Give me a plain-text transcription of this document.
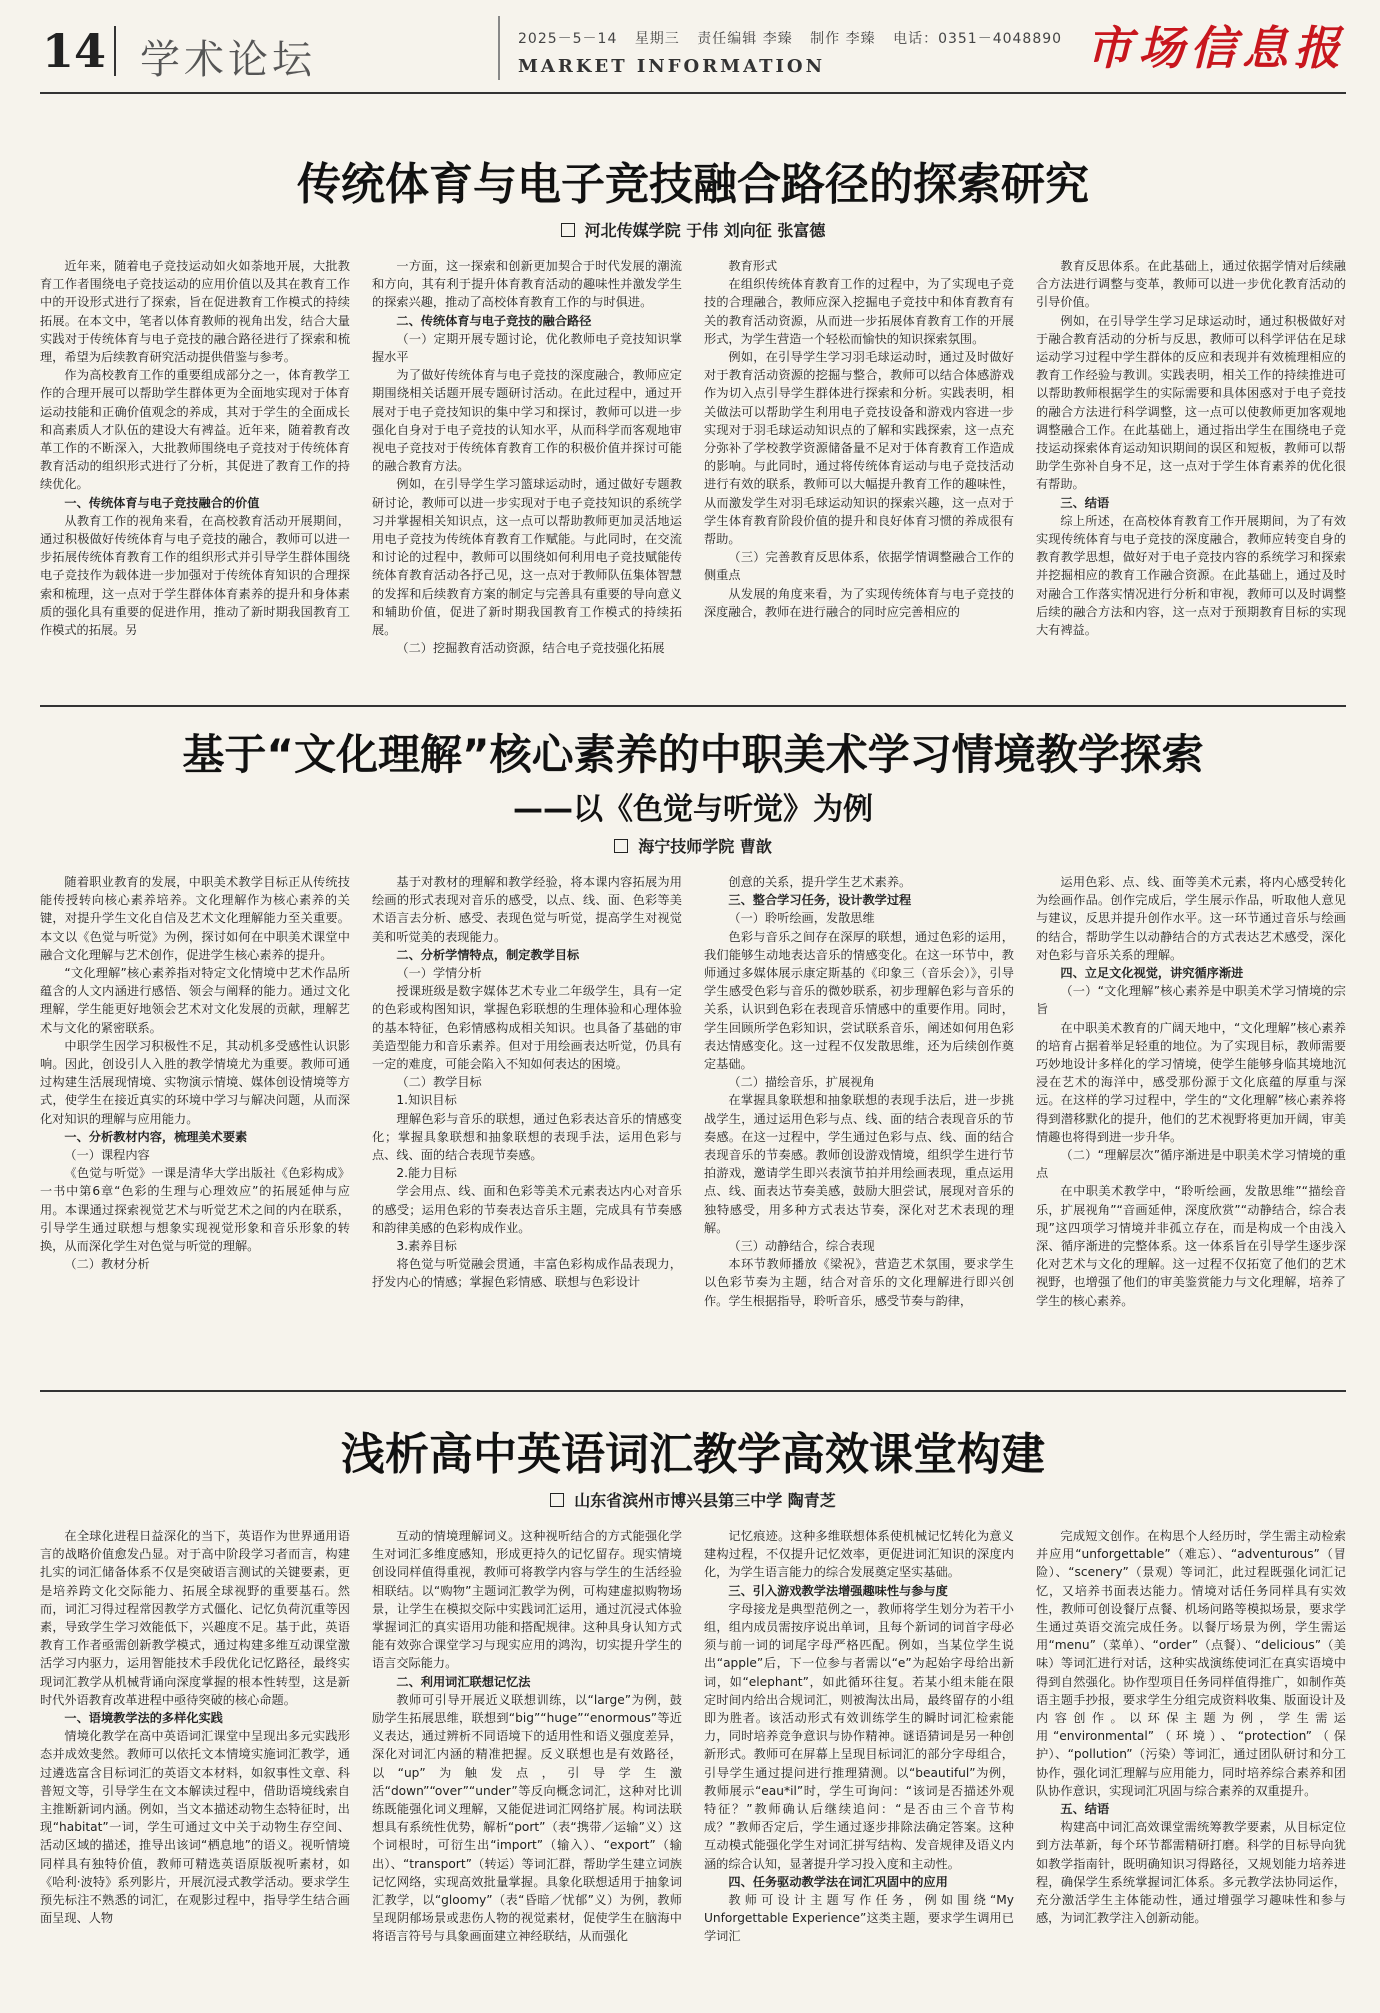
14 学术论坛	2025－5－14 星期三 责任编辑 李臻 制作 李臻 电话：0351－4048890
MARKET INFORMATION	市场信息报
传统体育与电子竞技融合路径的探索研究
河北传媒学院 于伟 刘向征 张富德

近年来，随着电子竞技运动如火如荼地开展，大批教育工作者围绕电子竞技运动的应用价值以及其在教育工作中的开设形式进行了探索，旨在促进教育工作模式的持续拓展。在本文中，笔者以体育教师的视角出发，结合大量实践对于传统体育与电子竞技的融合路径进行了探索和梳理，希望为后续教育研究活动提供借鉴与参考。

作为高校教育工作的重要组成部分之一，体育教学工作的合理开展可以帮助学生群体更为全面地实现对于体育运动技能和正确价值观念的养成，其对于学生的全面成长和高素质人才队伍的建设大有裨益。近年来，随着教育改革工作的不断深入，大批教师围绕电子竞技对于传统体育教育活动的组织形式进行了分析，其促进了教育工作的持续优化。

一、传统体育与电子竞技融合的价值

从教育工作的视角来看，在高校教育活动开展期间，通过积极做好传统体育与电子竞技的融合，教师可以进一步拓展传统体育教育工作的组织形式并引导学生群体围绕电子竞技作为载体进一步加强对于传统体育知识的合理探索和梳理，这一点对于学生群体体育素养的提升和身体素质的强化具有重要的促进作用，推动了新时期我国教育工作模式的拓展。另

一方面，这一探索和创新更加契合于时代发展的潮流和方向，其有利于提升体育教育活动的趣味性并激发学生的探索兴趣，推动了高校体育教育工作的与时俱进。

二、传统体育与电子竞技的融合路径

（一）定期开展专题讨论，优化教师电子竞技知识掌握水平

为了做好传统体育与电子竞技的深度融合，教师应定期围绕相关话题开展专题研讨活动。在此过程中，通过开展对于电子竞技知识的集中学习和探讨，教师可以进一步强化自身对于电子竞技的认知水平，从而科学而客观地审视电子竞技对于传统体育教育工作的积极价值并探讨可能的融合教育方法。

例如，在引导学生学习篮球运动时，通过做好专题教研讨论，教师可以进一步实现对于电子竞技知识的系统学习并掌握相关知识点，这一点可以帮助教师更加灵活地运用电子竞技为传统体育教育工作赋能。与此同时，在交流和讨论的过程中，教师可以围绕如何利用电子竞技赋能传统体育教育活动各抒己见，这一点对于教师队伍集体智慧的发挥和后续教育方案的制定与完善具有重要的导向意义和辅助价值，促进了新时期我国教育工作模式的持续拓展。

（二）挖掘教育活动资源，结合电子竞技强化拓展

教育形式

在组织传统体育教育工作的过程中，为了实现电子竞技的合理融合，教师应深入挖掘电子竞技中和体育教育有关的教育活动资源，从而进一步拓展体育教育工作的开展形式，为学生营造一个轻松而愉快的知识探索氛围。

例如，在引导学生学习羽毛球运动时，通过及时做好对于教育活动资源的挖掘与整合，教师可以结合体感游戏作为切入点引导学生群体进行探索和分析。实践表明，相关做法可以帮助学生利用电子竞技设备和游戏内容进一步实现对于羽毛球运动知识点的了解和实践探索，这一点充分弥补了学校教学资源储备量不足对于体育教育工作造成的影响。与此同时，通过将传统体育运动与电子竞技活动进行有效的联系，教师可以大幅提升教育工作的趣味性，从而激发学生对羽毛球运动知识的探索兴趣，这一点对于学生体育教育阶段价值的提升和良好体育习惯的养成很有帮助。

（三）完善教育反思体系，依据学情调整融合工作的侧重点

从发展的角度来看，为了实现传统体育与电子竞技的深度融合，教师在进行融合的同时应完善相应的

教育反思体系。在此基础上，通过依据学情对后续融合方法进行调整与变革，教师可以进一步优化教育活动的引导价值。

例如，在引导学生学习足球运动时，通过积极做好对于融合教育活动的分析与反思，教师可以科学评估在足球运动学习过程中学生群体的反应和表现并有效梳理相应的教育工作经验与教训。实践表明，相关工作的持续推进可以帮助教师根据学生的实际需要和具体困惑对于电子竞技的融合方法进行科学调整，这一点可以使教师更加客观地调整融合工作。在此基础上，通过指出学生在围绕电子竞技运动探索体育运动知识期间的误区和短板，教师可以帮助学生弥补自身不足，这一点对于学生体育素养的优化很有帮助。

三、结语

综上所述，在高校体育教育工作开展期间，为了有效实现传统体育与电子竞技的深度融合，教师应转变自身的教育教学思想，做好对于电子竞技内容的系统学习和探索并挖掘相应的教育工作融合资源。在此基础上，通过及时对融合工作落实情况进行分析和审视，教师可以及时调整后续的融合方法和内容，这一点对于预期教育目标的实现大有裨益。

基于“文化理解”核心素养的中职美术学习情境教学探索
——以《色觉与听觉》为例
海宁技师学院 曹歆

随着职业教育的发展，中职美术教学目标正从传统技能传授转向核心素养培养。文化理解作为核心素养的关键，对提升学生文化自信及艺术文化理解能力至关重要。本文以《色觉与听觉》为例，探讨如何在中职美术课堂中融合文化理解与艺术创作，促进学生核心素养的提升。

“文化理解”核心素养指对特定文化情境中艺术作品所蕴含的人文内涵进行感悟、领会与阐释的能力。通过文化理解，学生能更好地领会艺术对文化发展的贡献，理解艺术与文化的紧密联系。

中职学生因学习积极性不足，其动机多受感性认识影响。因此，创设引人入胜的教学情境尤为重要。教师可通过构建生活展现情境、实物演示情境、媒体创设情境等方式，使学生在接近真实的环境中学习与解决问题，从而深化对知识的理解与应用能力。

一、分析教材内容，梳理美术要素

（一）课程内容

《色觉与听觉》一课是清华大学出版社《色彩构成》一书中第6章“色彩的生理与心理效应”的拓展延伸与应用。本课通过探索视觉艺术与听觉艺术之间的内在联系，引导学生通过联想与想象实现视觉形象和音乐形象的转换，从而深化学生对色觉与听觉的理解。

（二）教材分析

基于对教材的理解和教学经验，将本课内容拓展为用绘画的形式表现对音乐的感受，以点、线、面、色彩等美术语言去分析、感受、表现色觉与听觉，提高学生对视觉美和听觉美的表现能力。

二、分析学情特点，制定教学目标

（一）学情分析

授课班级是数字媒体艺术专业二年级学生，具有一定的色彩或构图知识，掌握色彩联想的生理体验和心理体验的基本特征，色彩情感构成相关知识。也具备了基础的审美造型能力和音乐素养。但对于用绘画表达听觉，仍具有一定的难度，可能会陷入不知如何表达的困境。

（二）教学目标

1.知识目标

理解色彩与音乐的联想，通过色彩表达音乐的情感变化；掌握具象联想和抽象联想的表现手法，运用色彩与点、线、面的结合表现节奏感。

2.能力目标

学会用点、线、面和色彩等美术元素表达内心对音乐的感受；运用色彩的节奏表达音乐主题，完成具有节奏感和韵律美感的色彩构成作业。

3.素养目标

将色觉与听觉融会贯通，丰富色彩构成作品表现力，抒发内心的情感；掌握色彩情感、联想与色彩设计

创意的关系，提升学生艺术素养。

三、整合学习任务，设计教学过程

（一）聆听绘画，发散思维

色彩与音乐之间存在深厚的联想，通过色彩的运用，我们能够生动地表达音乐的情感变化。在这一环节中，教师通过多媒体展示康定斯基的《印象三（音乐会）》，引导学生感受色彩与音乐的微妙联系，初步理解色彩与音乐的关系，认识到色彩在表现音乐情感中的重要作用。同时，学生回顾所学色彩知识，尝试联系音乐，阐述如何用色彩表达情感变化。这一过程不仅发散思维，还为后续创作奠定基础。

（二）描绘音乐，扩展视角

在掌握具象联想和抽象联想的表现手法后，进一步挑战学生，通过运用色彩与点、线、面的结合表现音乐的节奏感。在这一过程中，学生通过色彩与点、线、面的结合表现音乐的节奏感。教师创设游戏情境，组织学生进行节拍游戏，邀请学生即兴表演节拍并用绘画表现，重点运用点、线、面表达节奏美感，鼓励大胆尝试，展现对音乐的独特感受，用多种方式表达节奏，深化对艺术表现的理解。

（三）动静结合，综合表现

本环节教师播放《梁祝》，营造艺术氛围，要求学生以色彩节奏为主题，结合对音乐的文化理解进行即兴创作。学生根据指导，聆听音乐，感受节奏与韵律，

运用色彩、点、线、面等美术元素，将内心感受转化为绘画作品。创作完成后，学生展示作品，听取他人意见与建议，反思并提升创作水平。这一环节通过音乐与绘画的结合，帮助学生以动静结合的方式表达艺术感受，深化对色彩与音乐关系的理解。

四、立足文化视觉，讲究循序渐进

（一）“文化理解”核心素养是中职美术学习情境的宗旨

在中职美术教育的广阔天地中，“文化理解”核心素养的培育占据着举足轻重的地位。为了实现目标，教师需要巧妙地设计多样化的学习情境，使学生能够身临其境地沉浸在艺术的海洋中，感受那份源于文化底蕴的厚重与深远。在这样的学习过程中，学生的“文化理解”核心素养将得到潜移默化的提升，他们的艺术视野将更加开阔，审美情趣也将得到进一步升华。

（二）“理解层次”循序渐进是中职美术学习情境的重点

在中职美术教学中，“聆听绘画，发散思维”“描绘音乐，扩展视角”“音画延伸，深度欣赏”“动静结合，综合表现”这四项学习情境并非孤立存在，而是构成一个由浅入深、循序渐进的完整体系。这一体系旨在引导学生逐步深化对艺术与文化的理解。这一过程不仅拓宽了他们的艺术视野，也增强了他们的审美鉴赏能力与文化理解，培养了学生的核心素养。

浅析高中英语词汇教学高效课堂构建
山东省滨州市博兴县第三中学 陶青芝

在全球化进程日益深化的当下，英语作为世界通用语言的战略价值愈发凸显。对于高中阶段学习者而言，构建扎实的词汇储备体系不仅是突破语言测试的关键要素，更是培养跨文化交际能力、拓展全球视野的重要基石。然而，词汇习得过程常因教学方式僵化、记忆负荷沉重等因素，导致学生学习效能低下，兴趣度不足。基于此，英语教育工作者亟需创新教学模式，通过构建多维互动课堂激活学习内驱力，运用智能技术手段优化记忆路径，最终实现词汇教学从机械背诵向深度掌握的根本性转型，这是新时代外语教育改革进程中亟待突破的核心命题。

一、语境教学法的多样化实践

情境化教学在高中英语词汇课堂中呈现出多元实践形态并成效斐然。教师可以依托文本情境实施词汇教学，通过遴选富含目标词汇的英语文本材料，如叙事性文章、科普短文等，引导学生在文本解读过程中，借助语境线索自主推断新词内涵。例如，当文本描述动物生态特征时，出现“habitat”一词，学生可通过文中关于动物生存空间、活动区域的描述，推导出该词“栖息地”的语义。视听情境同样具有独特价值，教师可精选英语原版视听素材，如《哈利·波特》系列影片，开展沉浸式教学活动。要求学生预先标注不熟悉的词汇，在观影过程中，指导学生结合画面呈现、人物

互动的情境理解词义。这种视听结合的方式能强化学生对词汇多维度感知，形成更持久的记忆留存。现实情境创设同样值得重视，教师可将教学内容与学生的生活经验相联结。以“购物”主题词汇教学为例，可构建虚拟购物场景，让学生在模拟交际中实践词汇运用，通过沉浸式体验掌握词汇的真实语用功能和搭配规律。这种具身认知方式能有效弥合课堂学习与现实应用的鸿沟，切实提升学生的语言交际能力。

二、利用词汇联想记忆法

教师可引导开展近义联想训练，以“large”为例，鼓励学生拓展思维，联想到“big”“huge”“enormous”等近义表达，通过辨析不同语境下的适用性和语义强度差异，深化对词汇内涵的精准把握。反义联想也是有效路径，以“up”为触发点，引导学生激活“down”“over”“under”等反向概念词汇，这种对比训练既能强化词义理解，又能促进词汇网络扩展。构词法联想具有系统性优势，解析“port”（表“携带／运输”义）这个词根时，可衍生出“import”（输入）、“export”（输出）、“transport”（转运）等词汇群，帮助学生建立词族记忆网络，实现高效批量掌握。具象化联想适用于抽象词汇教学，以“gloomy”（表“昏暗／忧郁”义）为例，教师呈现阴郁场景或悲伤人物的视觉素材，促使学生在脑海中将语言符号与具象画面建立神经联结，从而强化

记忆痕迹。这种多维联想体系使机械记忆转化为意义建构过程，不仅提升记忆效率，更促进词汇知识的深度内化，为学生语言能力的综合发展奠定坚实基础。

三、引入游戏教学法增强趣味性与参与度

字母接龙是典型范例之一，教师将学生划分为若干小组，组内成员需按序说出单词，且每个新词的词首字母必须与前一词的词尾字母严格匹配。例如，当某位学生说出“apple”后，下一位参与者需以“e”为起始字母给出新词，如“elephant”，如此循环往复。若某小组未能在限定时间内给出合规词汇，则被淘汰出局，最终留存的小组即为胜者。该活动形式有效训练学生的瞬时词汇检索能力，同时培养竞争意识与协作精神。谜语猜词是另一种创新形式。教师可在屏幕上呈现目标词汇的部分字母组合，引导学生通过提问进行推理猜测。以“beautiful”为例，教师展示“eau*il”时，学生可询问：“该词是否描述外观特征？”教师确认后继续追问：“是否由三个音节构成？”教师否定后，学生通过逐步排除法确定答案。这种互动模式能强化学生对词汇拼写结构、发音规律及语义内涵的综合认知，显著提升学习投入度和主动性。

四、任务驱动教学法在词汇巩固中的应用

教师可设计主题写作任务，例如围绕“My Unforgettable Experience”这类主题，要求学生调用已学词汇

完成短文创作。在构思个人经历时，学生需主动检索并应用“unforgettable”（难忘）、“adventurous”（冒险）、“scenery”（景观）等词汇，此过程既强化词汇记忆，又培养书面表达能力。情境对话任务同样具有实效性，教师可创设餐厅点餐、机场问路等模拟场景，要求学生通过英语交流完成任务。以餐厅场景为例，学生需运用“menu”（菜单）、“order”（点餐）、“delicious”（美味）等词汇进行对话，这种实战演练使词汇在真实语境中得到自然强化。协作型项目任务同样值得推广，如制作英语主题手抄报，要求学生分组完成资料收集、版面设计及内容创作。以环保主题为例，学生需运用“environmental”（环境）、“protection”（保护）、“pollution”（污染）等词汇，通过团队研讨和分工协作，强化词汇理解与应用能力，同时培养综合素养和团队协作意识，实现词汇巩固与综合素养的双重提升。

五、结语

构建高中词汇高效课堂需统筹教学要素，从目标定位到方法革新，每个环节都需精研打磨。科学的目标导向犹如教学指南针，既明确知识习得路径，又规划能力培养进程，确保学生系统掌握词汇体系。多元教学法协同运作，充分激活学生主体能动性，通过增强学习趣味性和参与感，为词汇教学注入创新动能。
